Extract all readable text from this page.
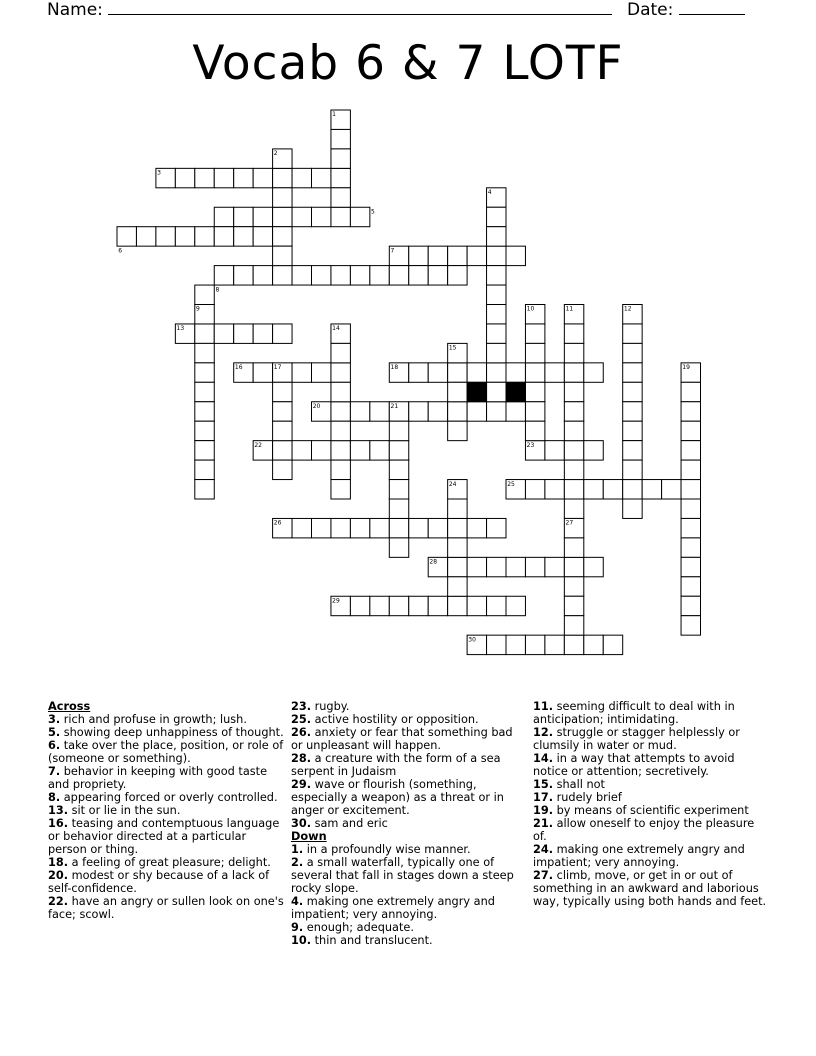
Name:	Date:
Vocab 6 & 7 LOTF
1
2
3
4
5
6	7
8
9	10	11	12
13	14
15
16	17	18	19
20	21
22	23
24	25
26	27
28
29
30

Across

3. rich and profuse in growth; lush.

5. showing deep unhappiness of thought.

6. take over the place, position, or role of (someone or something).

7. behavior in keeping with good taste and propriety.

8. appearing forced or overly controlled.

13. sit or lie in the sun.

16. teasing and contemptuous language or behavior directed at a particular person or thing.

18. a feeling of great pleasure; delight.

20. modest or shy because of a lack of self-confidence.

22. have an angry or sullen look on one's face; scowl.

23. rugby.

25. active hostility or opposition.

26. anxiety or fear that something bad or unpleasant will happen.

28. a creature with the form of a sea serpent in Judaism

29. wave or flourish (something, especially a weapon) as a threat or in anger or excitement.

30. sam and eric

Down

1. in a profoundly wise manner.

2. a small waterfall, typically one of several that fall in stages down a steep rocky slope.

4. making one extremely angry and impatient; very annoying.

9. enough; adequate.

10. thin and translucent.

11. seeming difficult to deal with in anticipation; intimidating.

12. struggle or stagger helplessly or clumsily in water or mud.

14. in a way that attempts to avoid notice or attention; secretively.

15. shall not

17. rudely brief

19. by means of scientific experiment

21. allow oneself to enjoy the pleasure of.

24. making one extremely angry and impatient; very annoying.

27. climb, move, or get in or out of something in an awkward and laborious way, typically using both hands and feet.
